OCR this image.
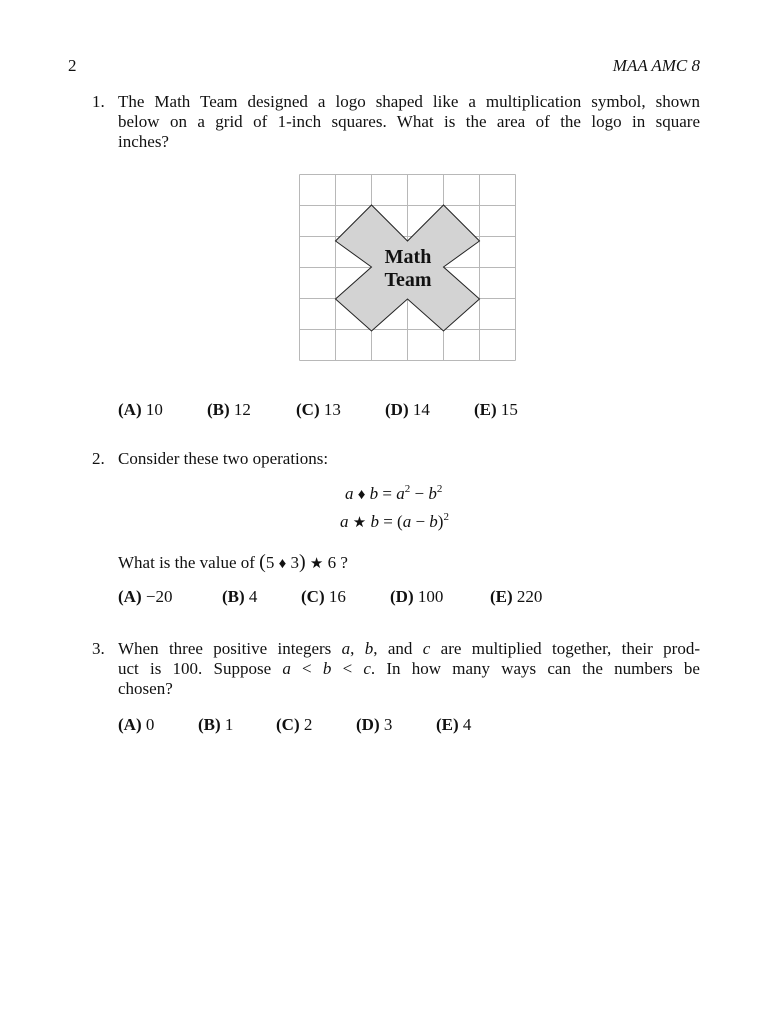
2	MAA AMC 8
1. The Math Team designed a logo shaped like a multiplication symbol, shown
below on a grid of 1-inch squares. What is the area of the logo in square
inches?
Math
Team
(A) 10	(B) 12	(C) 13	(D) 14	(E) 15
2. Consider these two operations:
a ♦ $b = a^2 - b^2$
a ★ $b = (a - b)^2$
What is the value of (5 ♦ 3) ★ 6 ?
(A) −20	(B) 4	(C) 16	(D) 100	(E) 220
3. When three positive integers a, b, and c are multiplied together, their prod-
uct is 100. Suppose a < b < c. In how many ways can the numbers be
chosen?
(A) 0	(B) 1	(C) 2	(D) 3	(E) 4
